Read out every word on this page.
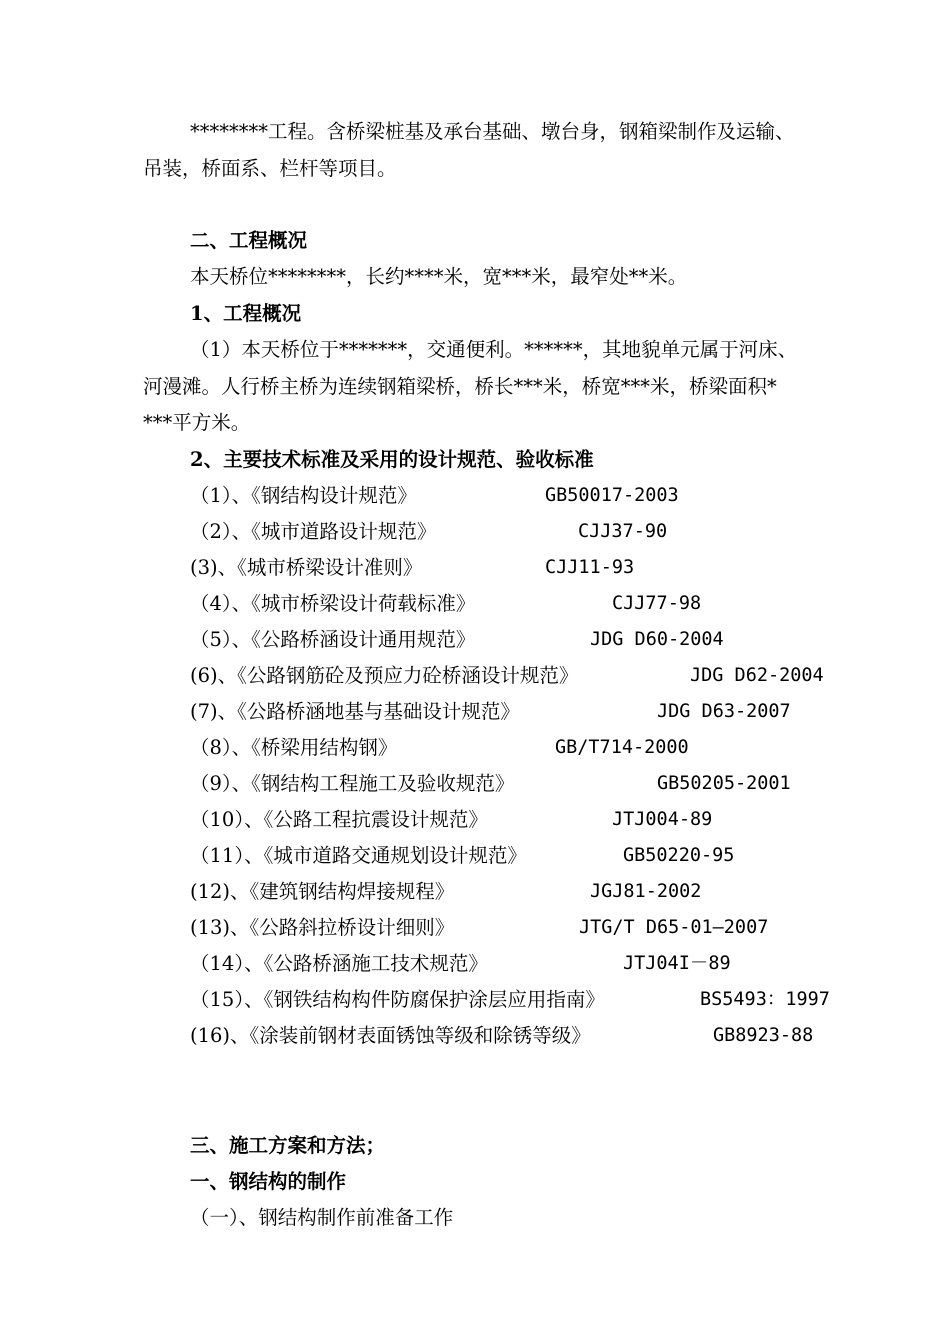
********工程。含桥梁桩基及承台基础、墩台身，钢箱梁制作及运输、
吊装，桥面系、栏杆等项目。
二、工程概况
本天桥位********，长约****米，宽***米，最窄处**米。
1、工程概况
（1）本天桥位于*******，交通便利。******，其地貌单元属于河床、
河漫滩。人行桥主桥为连续钢箱梁桥，桥长***米，桥宽***米，桥梁面积*
***平方米。
2、主要技术标准及采用的设计规范、验收标准
（1）、《钢结构设计规范》	GB50017-2003
（2）、《城市道路设计规范》	CJJ37-90
(3)、《城市桥梁设计准则》	CJJ11-93
（4）、《城市桥梁设计荷载标准》	CJJ77-98
（5）、《公路桥涵设计通用规范》	JDG D60-2004
(6)、《公路钢筋砼及预应力砼桥涵设计规范》	JDG D62-2004
(7)、《公路桥涵地基与基础设计规范》	JDG D63-2007
（8）、《桥梁用结构钢》	GB/T714-2000
（9）、《钢结构工程施工及验收规范》	GB50205-2001
（10）、《公路工程抗震设计规范》	JTJ004-89
（11）、《城市道路交通规划设计规范》	GB50220-95
(12)、《建筑钢结构焊接规程》	JGJ81-2002
(13)、《公路斜拉桥设计细则》	JTG/T D65-01—2007
（14）、《公路桥涵施工技术规范》	JTJ04I－89
（15）、《钢铁结构构件防腐保护涂层应用指南》	BS5493：1997
(16)、《涂装前钢材表面锈蚀等级和除锈等级》	GB8923-88
三、施工方案和方法；
一、钢结构的制作
（一）、钢结构制作前准备工作
